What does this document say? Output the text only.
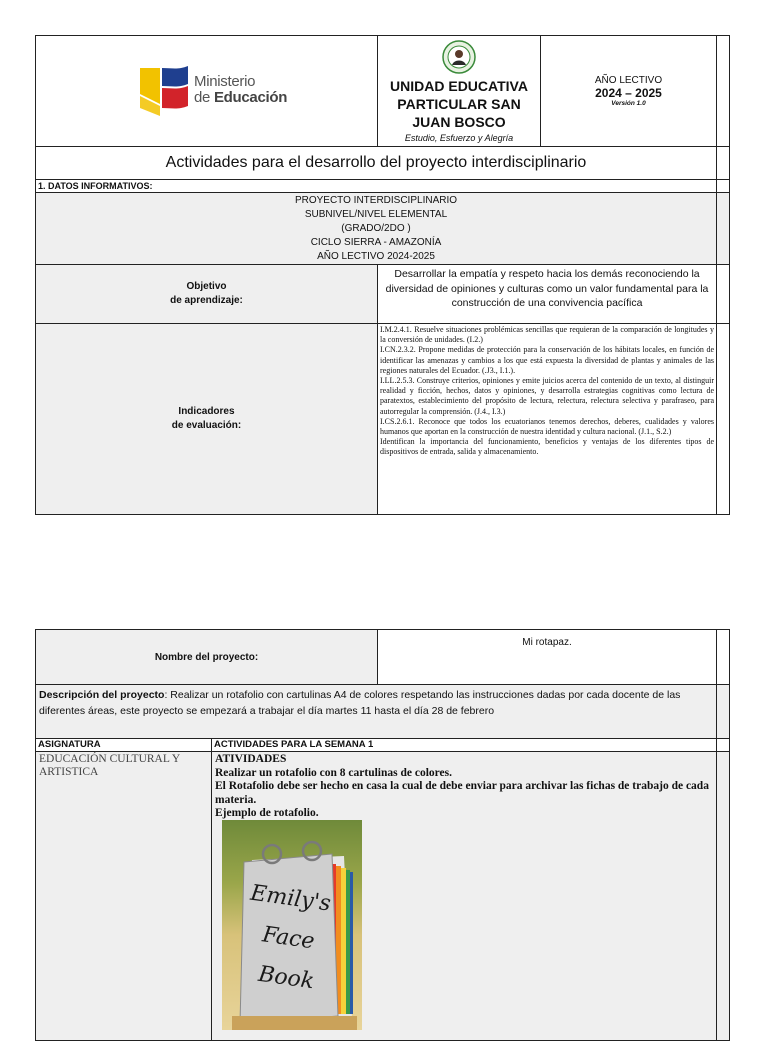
Ministerio
de Educación
UNIDAD EDUCATIVA PARTICULAR SAN JUAN BOSCO
Estudio, Esfuerzo y Alegría
AÑO LECTIVO
2024 – 2025
Versión 1.0
Actividades para el desarrollo del proyecto interdisciplinario
1. DATOS INFORMATIVOS:
PROYECTO INTERDISCIPLINARIO
SUBNIVEL/NIVEL ELEMENTAL
(GRADO/2DO )
CICLO SIERRA - AMAZONÍA
AÑO LECTIVO 2024-2025
Objetivo
de aprendizaje:
Desarrollar la empatía y respeto hacia los demás reconociendo la diversidad de opiniones y culturas como un valor fundamental para la construcción de una convivencia pacífica
Indicadores
de evaluación:
I.M.2.4.1. Resuelve situaciones problémicas sencillas que requieran de la comparación de longitudes y la conversión de unidades. (I.2.)
I.CN.2.3.2. Propone medidas de protección para la conservación de los hábitats locales, en función de identificar las amenazas y cambios a los que está expuesta la diversidad de plantas y animales de las regiones naturales del Ecuador. (.J3., I.1.).
I.LL.2.5.3. Construye criterios, opiniones y emite juicios acerca del contenido de un texto, al distinguir realidad y ficción, hechos, datos y opiniones, y desarrolla estrategias cognitivas como lectura de paratextos, establecimiento del propósito de lectura, relectura, relectura selectiva y parafraseo, para autorregular la comprensión. (J.4., I.3.)
I.CS.2.6.1. Reconoce que todos los ecuatorianos tenemos derechos, deberes, cualidades y valores humanos que aportan en la construcción de nuestra identidad y cultura nacional. (J.1., S.2.)
Identifican la importancia del funcionamiento, beneficios y ventajas de los diferentes tipos de dispositivos de entrada, salida y almacenamiento.
Nombre del proyecto:
Mi rotapaz.
Descripción del proyecto: Realizar un rotafolio con cartulinas A4 de colores respetando las instrucciones dadas por cada docente de las diferentes áreas, este proyecto se empezará a trabajar el día martes 11 hasta el día 28 de febrero
ASIGNATURA	ACTIVIDADES PARA LA SEMANA 1
EDUCACIÓN CULTURAL Y ARTISTICA
ATIVIDADES
Realizar un rotafolio con 8 cartulinas de colores.
El Rotafolio debe ser hecho en casa la cual de debe enviar para archivar las fichas de trabajo de cada materia.
Ejemplo de rotafolio.
Emily's
Face
Book
